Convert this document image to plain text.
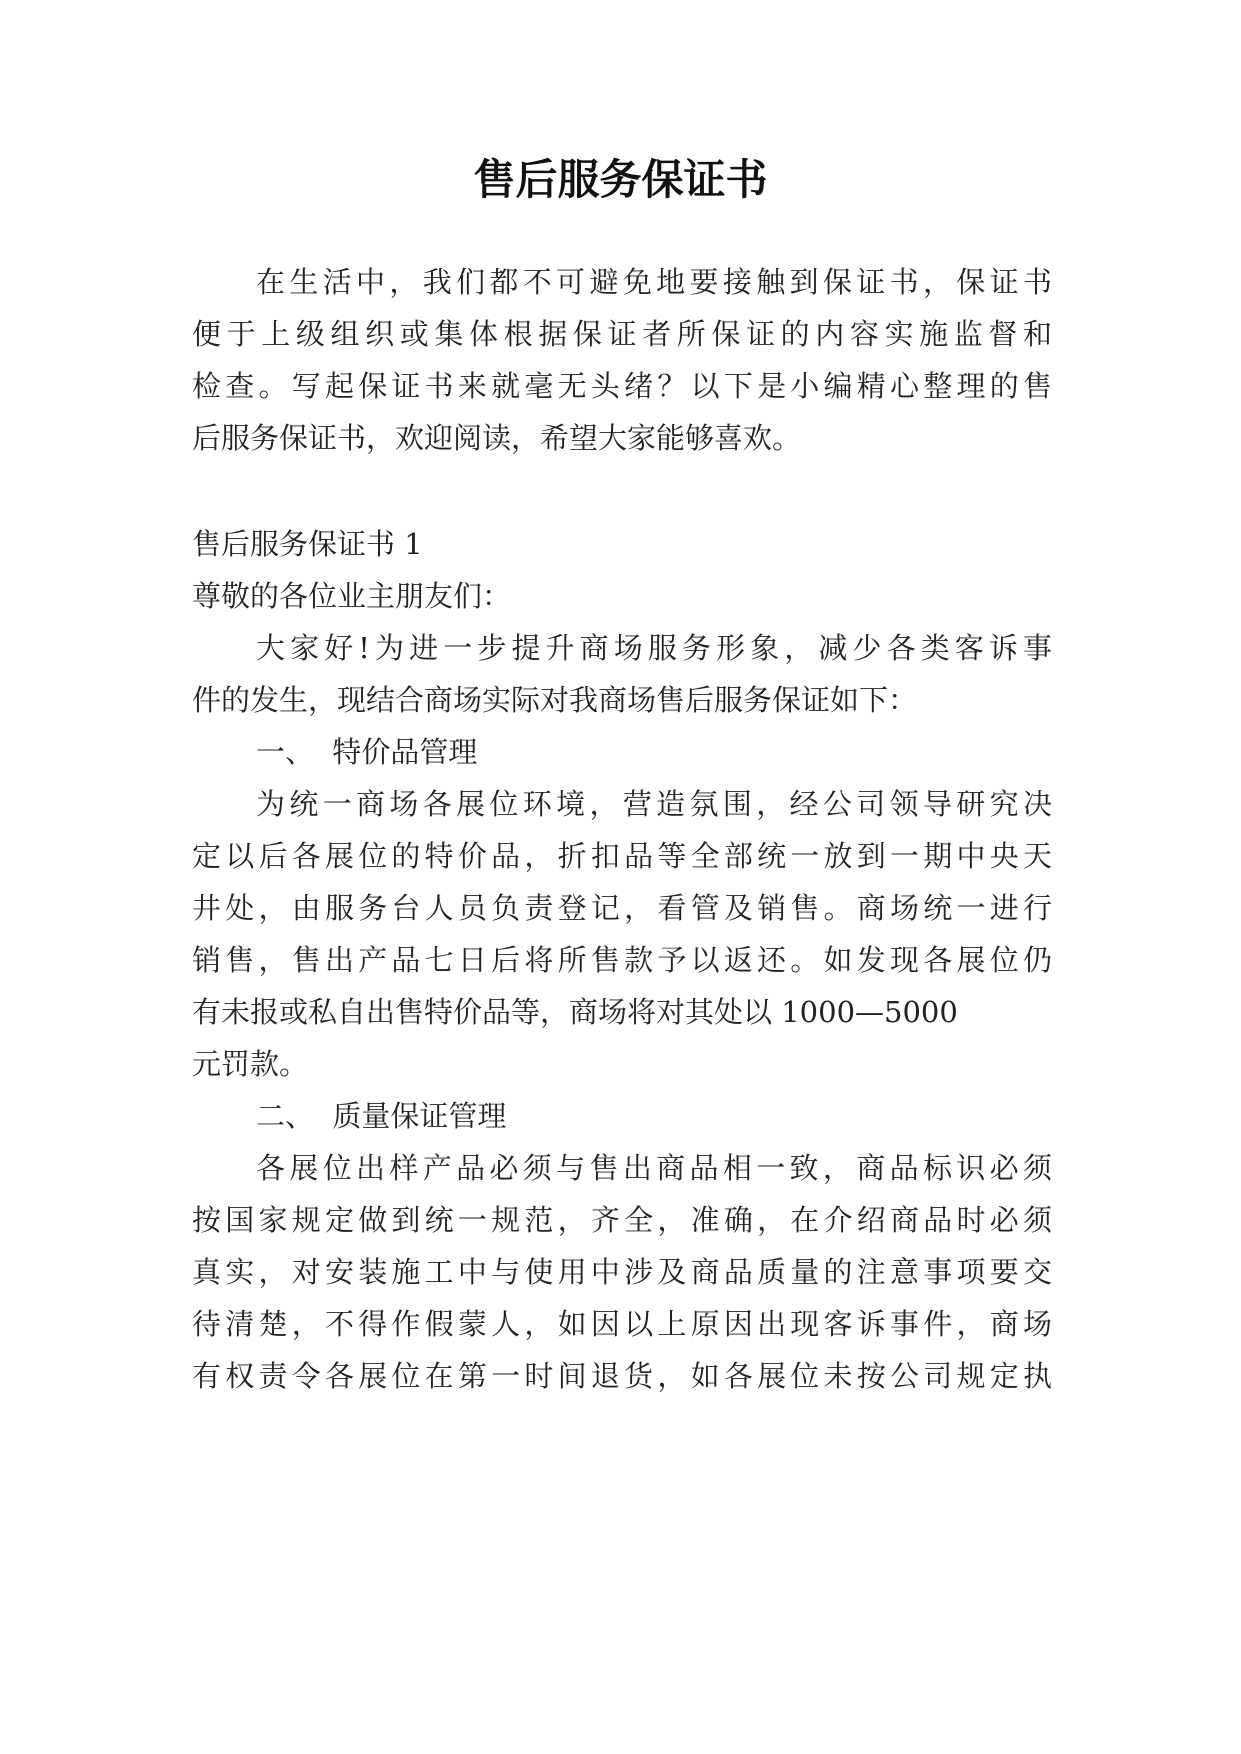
售后服务保证书
在生活中，我们都不可避免地要接触到保证书，保证书
便于上级组织或集体根据保证者所保证的内容实施监督和
检查。写起保证书来就毫无头绪？以下是小编精心整理的售
后服务保证书，欢迎阅读，希望大家能够喜欢。
售后服务保证书 1
尊敬的各位业主朋友们：
大家好!为进一步提升商场服务形象，减少各类客诉事
件的发生，现结合商场实际对我商场售后服务保证如下：
一、  特价品管理
为统一商场各展位环境，营造氛围，经公司领导研究决
定以后各展位的特价品，折扣品等全部统一放到一期中央天
井处，由服务台人员负责登记，看管及销售。商场统一进行
销售，售出产品七日后将所售款予以返还。如发现各展位仍
有未报或私自出售特价品等，商场将对其处以 1000—5000
元罚款。
二、  质量保证管理
各展位出样产品必须与售出商品相一致，商品标识必须
按国家规定做到统一规范，齐全，准确，在介绍商品时必须
真实，对安装施工中与使用中涉及商品质量的注意事项要交
待清楚，不得作假蒙人，如因以上原因出现客诉事件，商场
有权责令各展位在第一时间退货，如各展位未按公司规定执
